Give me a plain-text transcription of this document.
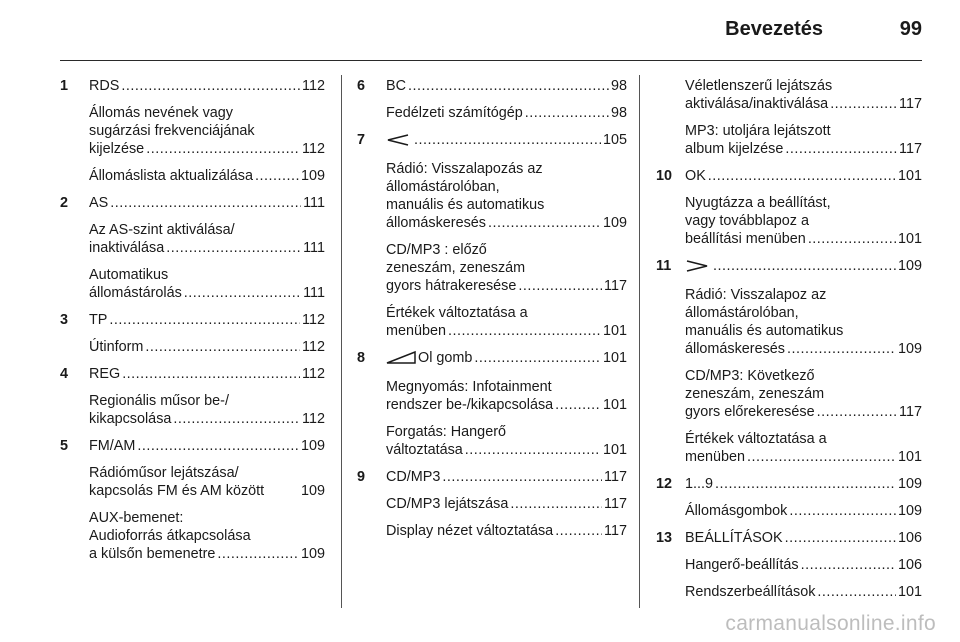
Bevezetés	99
1 RDS .....	112
Állomás nevének vagy
sugárzási frekvenciájának
kijelzése .....	112
Állomáslista aktualizálása .....	109
2 AS .....	111
Az AS-szint aktiválása/
inaktiválása .....	111
Automatikus
állomástárolás .....	111
3 TP .....	112
Útinform .....	112
4 REG .....	112
Regionális műsor be-/
kikapcsolása .....	112
5 FM/AM .....	109
Rádióműsor lejátszása/
kapcsolás FM és AM között	109
AUX-bemenet:
Audioforrás átkapcsolása
a külsőn bemenetre .....	109
6 BC .....	98
Fedélzeti számítógép .....	98
7 .....	105
Rádió: Visszalapozás az
állomástárolóban,
manuális és automatikus
állomáskeresés .....	109
CD/MP3 : előző
zeneszám, zeneszám
gyors hátrakeresése .....	117
Értékek változtatása a
menüben .....	101
8	Ol gomb .....	101
Megnyomás: Infotainment
rendszer be-/kikapcsolása .....	101
Forgatás: Hangerő
változtatása .....	101
9 CD/MP3 .....	117
CD/MP3 lejátszása .....	117
Display nézet változtatása .....	117
Véletlenszerű lejátszás
aktiválása/inaktiválása .....	117
MP3: utoljára lejátszott
album kijelzése .....	117
10 OK .....	101
Nyugtázza a beállítást,
vagy továbblapoz a
beállítási menüben .....	101
11 .....	109
Rádió: Visszalapoz az
állomástárolóban,
manuális és automatikus
állomáskeresés .....	109
CD/MP3: Következő
zeneszám, zeneszám
gyors előrekeresése .....	117
Értékek változtatása a
menüben .....	101
12 1...9 .....	109
Állomásgombok .....	109
13 BEÁLLÍTÁSOK .....	106
Hangerő-beállítás .....	106
Rendszerbeállítások .....	101
carmanualsonline.info
